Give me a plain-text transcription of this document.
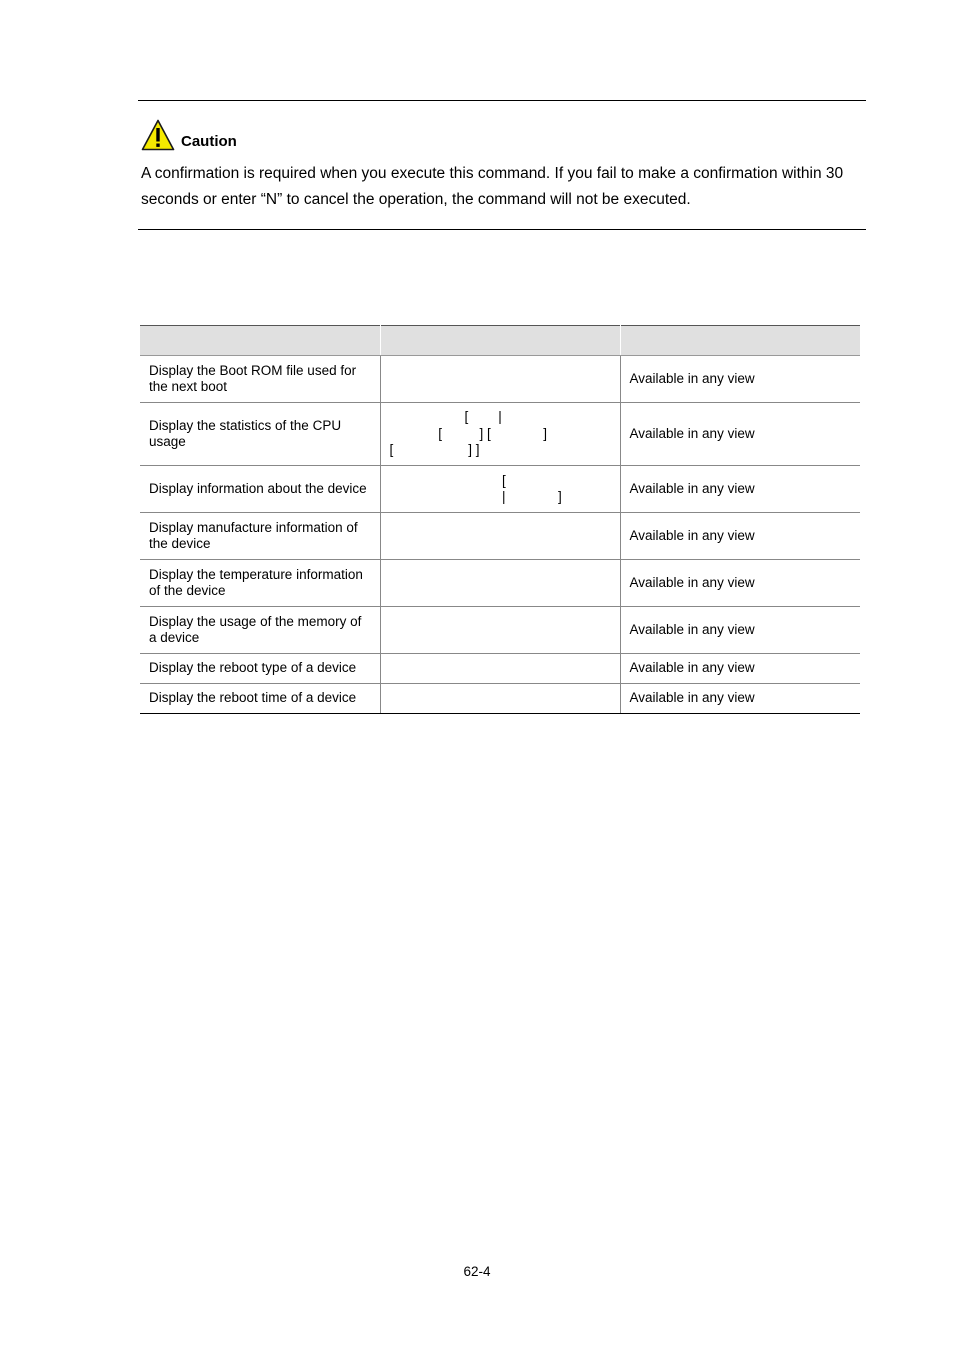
Caution
A confirmation is required when you execute this command. If you fail to make a confirmation within 30 seconds or enter “N” to cancel the operation, the command will not be executed.

Display the Boot ROM file used for the next boot		Available in any view
Display the statistics of the CPU usage	[        |
[          ] [              ]
[                    ] ]	Available in any view
Display information about the device	[
|              ]	Available in any view
Display manufacture information of the device		Available in any view
Display the temperature information of the device		Available in any view
Display the usage of the memory of a device		Available in any view
Display the reboot type of a device		Available in any view
Display the reboot time of a device		Available in any view
62-4
